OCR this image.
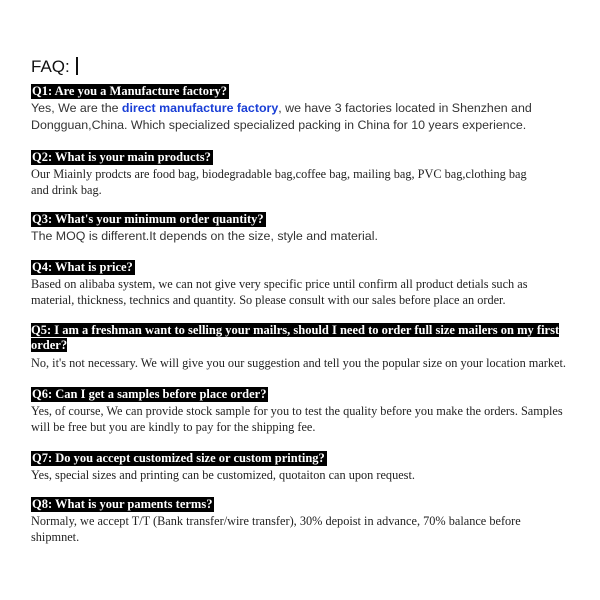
FAQ:
Q1: Are you a Manufacture factory?
Yes, We are the direct manufacture factory, we have 3 factories located in Shenzhen and Dongguan,China. Which specialized specialized packing in China for 10 years experience.
Q2: What is your main products?
Our Miainly prodcts are food bag, biodegradable bag,coffee bag, mailing bag, PVC bag,clothing bag and drink bag.
Q3: What's your minimum order quantity?
The MOQ is different.It depends on the size, style and material.
Q4: What is price?
Based on alibaba system, we can not give very specific price until confirm all product detials such as material, thickness, technics and quantity. So please consult with our sales before place an order.
Q5: I am a freshman want to selling your mailrs, should I need to order full size mailers on my first order?
No, it's not necessary. We will give you our suggestion and tell you the popular size on your location market.
Q6: Can I get a samples before place order?
Yes, of course, We can provide stock sample for you to test the quality before you make the orders. Samples will be free but you are kindly to pay for the shipping fee.
Q7: Do you accept customized size or custom printing?
Yes, special sizes and printing can be customized, quotaiton can upon request.
Q8: What is your paments terms?
Normaly, we accept T/T (Bank transfer/wire transfer), 30% depoist in advance, 70% balance before shipmnet.
